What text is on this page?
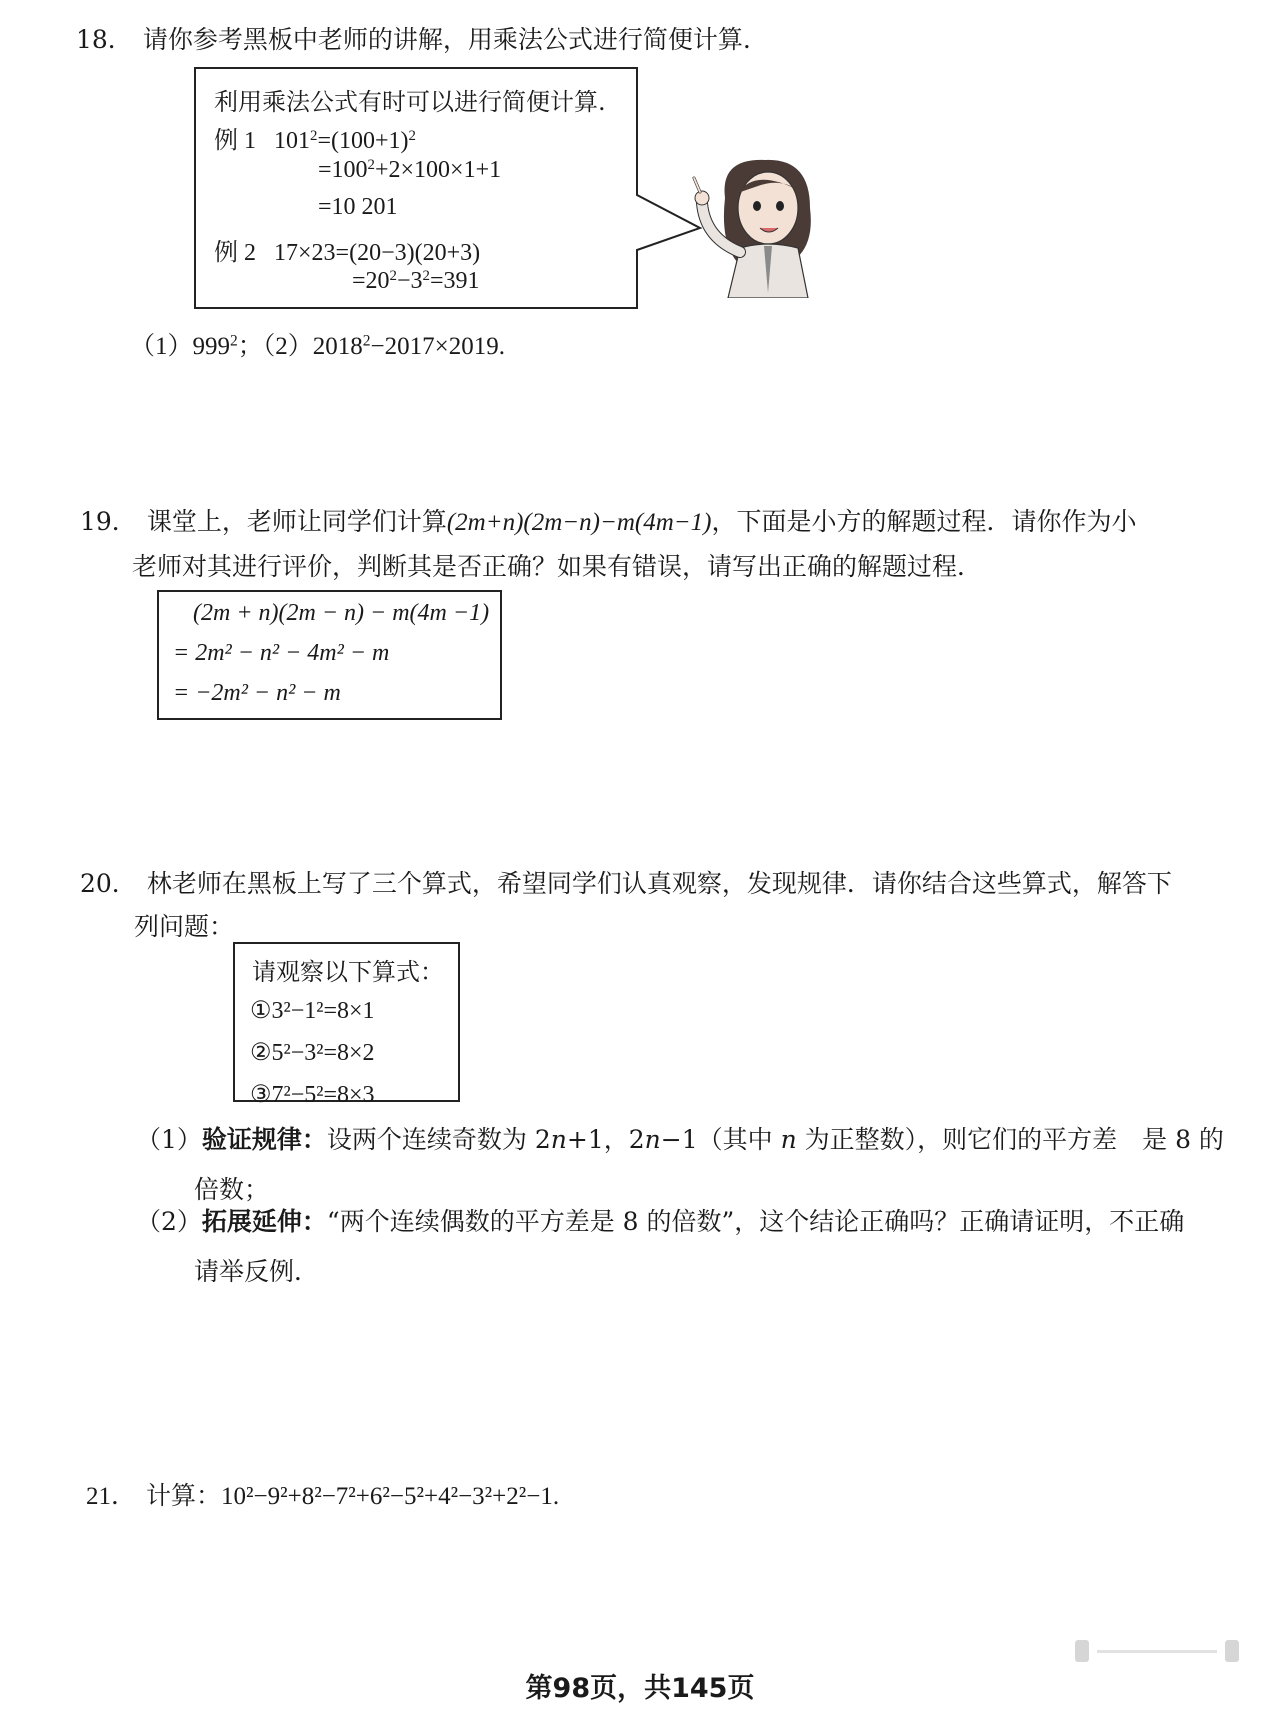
18． 请你参考黑板中老师的讲解，用乘法公式进行简便计算.
利用乘法公式有时可以进行简便计算.
例 1 $101^2=(100+1)^2$
$=100^2+2\times 100\times 1+1$
=10 201
例 2 17×23=(20−3)(20+3)
$=20^2-3^2=391$
$(1)999^2$；$(2)2018^2-2017\times 2019$.
19． 课堂上，老师让同学们计算(2m+n)(2m−n)−m(4m−1)，下面是小方的解题过程．请你作为小
老师对其进行评价，判断其是否正确？如果有错误，请写出正确的解题过程．
(2m + n)(2m − n) − m(4m −1)
= 2m² − n² − 4m² − m
= −2m² − n² − m
20． 林老师在黑板上写了三个算式，希望同学们认真观察，发现规律．请你结合这些算式，解答下
列问题：
请观察以下算式：
①3²−1²=8×1
②5²−3²=8×2
③7²−5²=8×3
（1）验证规律：设两个连续奇数为 2n+1，2n−1（其中 n 为正整数），则它们的平方差　是 8 的
倍数；
（2）拓展延伸：“两个连续偶数的平方差是 8 的倍数”，这个结论正确吗？正确请证明，不正确
请举反例．
21． 计算：10²−9²+8²−7²+6²−5²+4²−3²+2²−1.
第98页，共145页
